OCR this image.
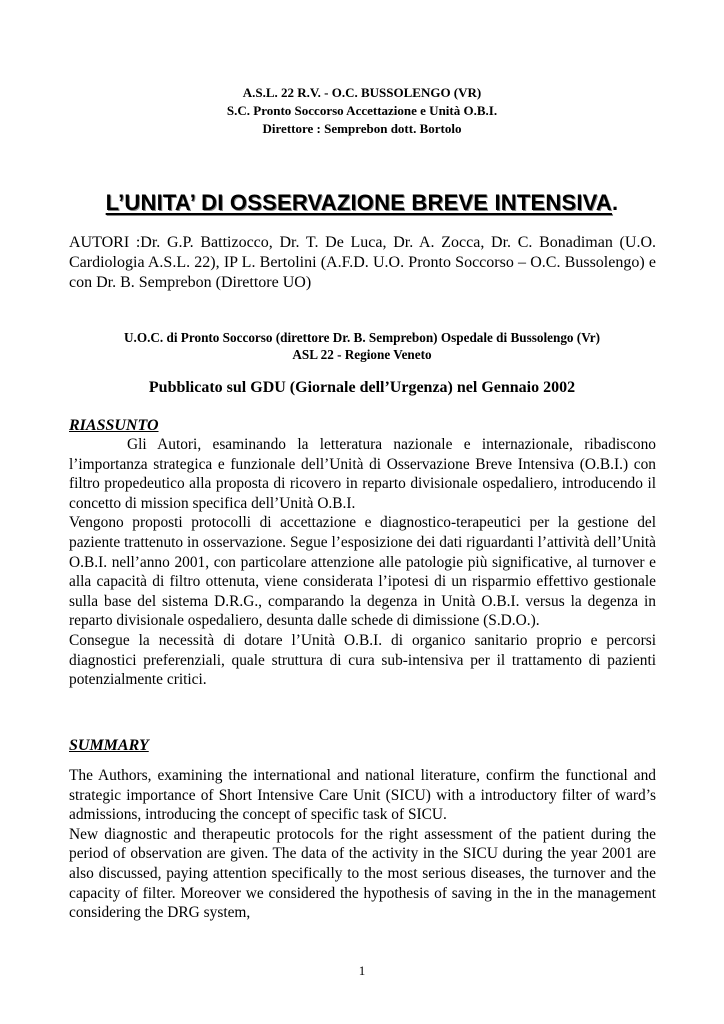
A.S.L. 22 R.V. - O.C. BUSSOLENGO (VR)
S.C. Pronto Soccorso Accettazione e Unità O.B.I.
Direttore : Semprebon dott. Bortolo
L’UNITA’ DI OSSERVAZIONE BREVE INTENSIVA.
AUTORI :Dr. G.P. Battizocco, Dr. T. De Luca, Dr. A. Zocca, Dr. C. Bonadiman (U.O. Cardiologia A.S.L. 22), IP L. Bertolini (A.F.D. U.O. Pronto Soccorso – O.C. Bussolengo) e con Dr. B. Semprebon (Direttore UO)
U.O.C. di Pronto Soccorso (direttore Dr. B. Semprebon) Ospedale di Bussolengo (Vr)
ASL 22 - Regione Veneto
Pubblicato sul GDU (Giornale dell’Urgenza) nel Gennaio 2002
RIASSUNTO

Gli Autori, esaminando la letteratura nazionale e internazionale, ribadiscono l’importanza strategica e funzionale dell’Unità di Osservazione Breve Intensiva (O.B.I.) con filtro propedeutico alla proposta di ricovero in reparto divisionale ospedaliero, introducendo il concetto di mission specifica dell’Unità O.B.I.

Vengono proposti protocolli di accettazione e diagnostico-terapeutici per la gestione del paziente trattenuto in osservazione. Segue l’esposizione dei dati riguardanti l’attività dell’Unità O.B.I. nell’anno 2001, con particolare attenzione alle patologie più significative, al turnover e alla capacità di filtro ottenuta, viene considerata l’ipotesi di un risparmio effettivo gestionale sulla base del sistema D.R.G., comparando la degenza in Unità O.B.I. versus la degenza in reparto divisionale ospedaliero, desunta dalle schede di dimissione (S.D.O.).

Consegue la necessità di dotare l’Unità O.B.I. di organico sanitario proprio e percorsi diagnostici preferenziali, quale struttura di cura sub-intensiva per il trattamento di pazienti potenzialmente critici.

SUMMARY

The Authors, examining the international and national literature, confirm the functional and strategic importance of Short Intensive Care Unit (SICU) with a introductory filter of ward’s admissions, introducing the concept of specific task of SICU.

New diagnostic and therapeutic protocols for the right assessment of the patient during the period of observation are given. The data of the activity in the SICU during the year 2001 are also discussed, paying attention specifically to the most serious diseases, the turnover and the capacity of filter. Moreover we considered the hypothesis of saving in the in the management considering the DRG system,

1
